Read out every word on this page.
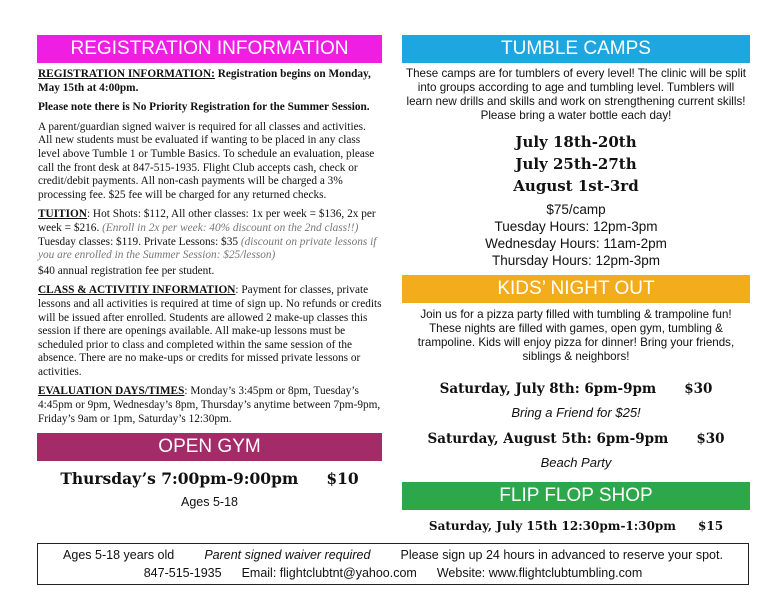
REGISTRATION INFORMATION

REGISTRATION INFORMATION: Registration begins on Monday, May 15th at 4:00pm.

Please note there is No Priority Registration for the Summer Session.

A parent/guardian signed waiver is required for all classes and activities. All new students must be evaluated if wanting to be placed in any class level above Tumble 1 or Tumble Basics. To schedule an evaluation, please call the front desk at 847-515-1935. Flight Club accepts cash, check or credit/debit payments. All non-cash payments will be charged a 3% processing fee. $25 fee will be charged for any returned checks.

TUITION: Hot Shots: $112, All other classes: 1x per week = $136, 2x per week = $216. (Enroll in 2x per week: 40% discount on the 2nd class!!) Tuesday classes: $119. Private Lessons: $35 (discount on private lessons if you are enrolled in the Summer Session: $25/lesson)

$40 annual registration fee per student.

CLASS & ACTIVITIY INFORMATION: Payment for classes, private lessons and all activities is required at time of sign up. No refunds or credits will be issued after enrolled. Students are allowed 2 make-up classes this session if there are openings available. All make-up lessons must be scheduled prior to class and completed within the same session of the absence. There are no make-ups or credits for missed private lessons or activities.

EVALUATION DAYS/TIMES: Monday’s 3:45pm or 8pm, Tuesday’s 4:45pm or 9pm, Wednesday’s 8pm, Thursday’s anytime between 7pm-9pm, Friday’s 9am or 1pm, Saturday’s 12:30pm.

OPEN GYM
Thursday’s 7:00pm-9:00pm $10
Ages 5-18
TUMBLE CAMPS
These camps are for tumblers of every level! The clinic will be split into groups according to age and tumbling level. Tumblers will learn new drills and skills and work on strengthening current skills! Please bring a water bottle each day!
July 18th-20th
July 25th-27th
August 1st-3rd
$75/camp
Tuesday Hours: 12pm-3pm
Wednesday Hours: 11am-2pm
Thursday Hours: 12pm-3pm
KIDS’ NIGHT OUT
Join us for a pizza party filled with tumbling & trampoline fun! These nights are filled with games, open gym, tumbling & trampoline. Kids will enjoy pizza for dinner! Bring your friends, siblings & neighbors!
Saturday, July 8th: 6pm-9pm $30
Bring a Friend for $25!
Saturday, August 5th: 6pm-9pm $30
Beach Party
FLIP FLOP SHOP
Saturday, July 15th 12:30pm-1:30pm $15
Ages 5-18 years old Parent signed waiver required Please sign up 24 hours in advanced to reserve your spot.
847-515-1935 Email: flightclubtnt@yahoo.com Website: www.flightclubtumbling.com
